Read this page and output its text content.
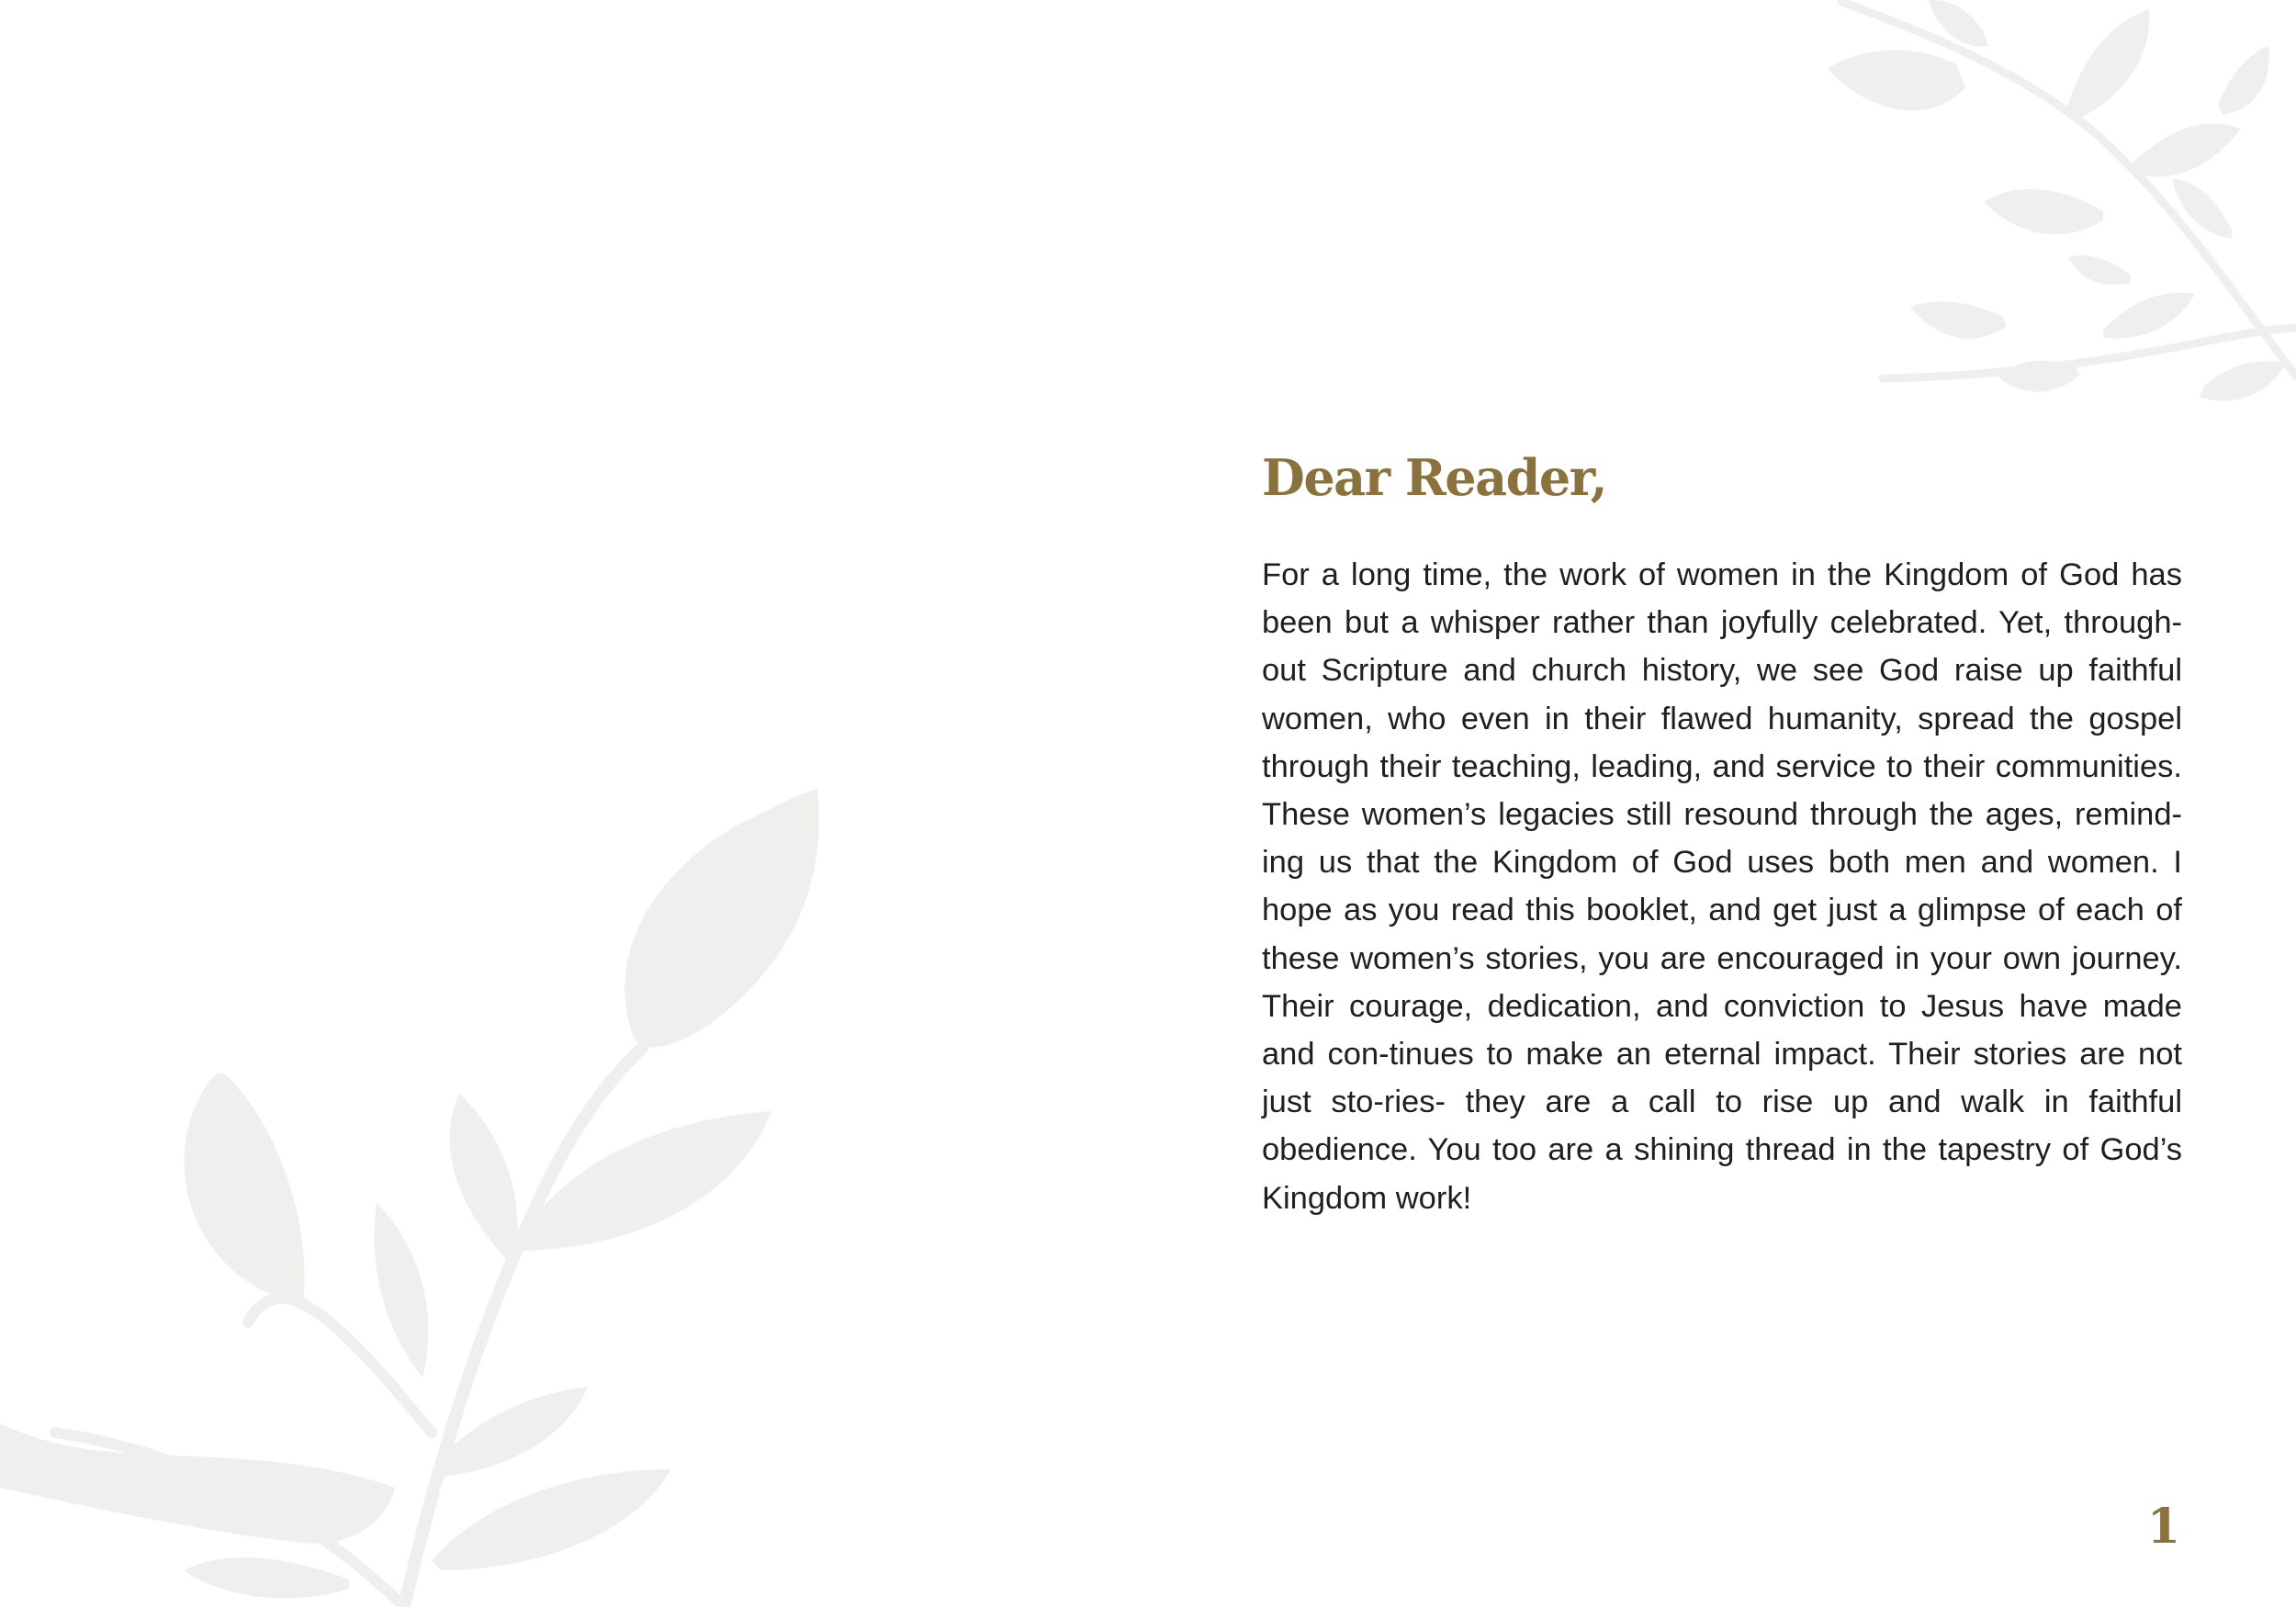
Dear Reader,

For a long time, the work of women in the Kingdom of God has been but a whisper rather than joyfully celebrated. Yet, through-out Scripture and church history, we see God raise up faithful women, who even in their flawed humanity, spread the gospel through their teaching, leading, and service to their communities. These women’s legacies still resound through the ages, remind-ing us that the Kingdom of God uses both men and women. I hope as you read this booklet, and get just a glimpse of each of these women’s stories, you are encouraged in your own journey. Their courage, dedication, and conviction to Jesus have made and con-tinues to make an eternal impact. Their stories are not just sto-ries- they are a call to rise up and walk in faithful obedience. You too are a shining thread in the tapestry of God’s Kingdom work!

1
